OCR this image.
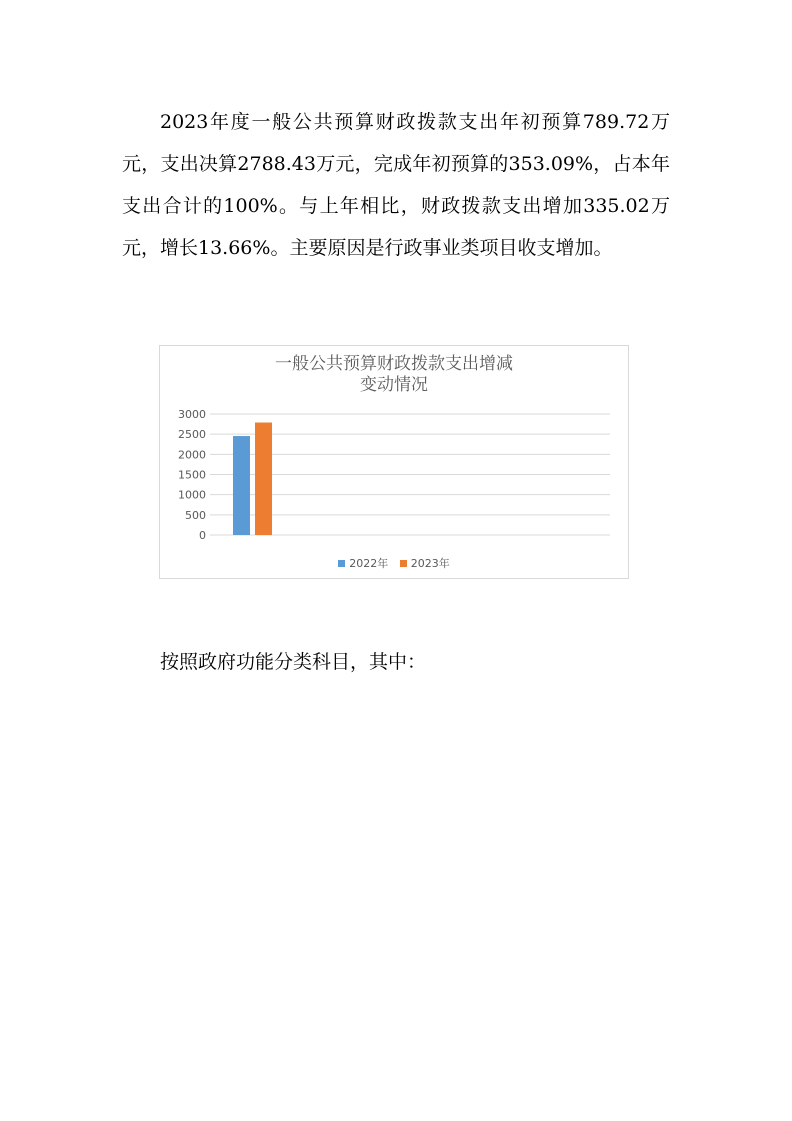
2023年度一般公共预算财政拨款支出年初预算789.72万元，支出决算2788.43万元，完成年初预算的353.09%，占本年支出合计的100%。与上年相比，财政拨款支出增加335.02万元，增长13.66%。主要原因是行政事业类项目收支增加。

一般公共预算财政拨款支出增减
变动情况
3000
2500
2000
1500
1000
500
0
2022年
2023年

按照政府功能分类科目，其中：
